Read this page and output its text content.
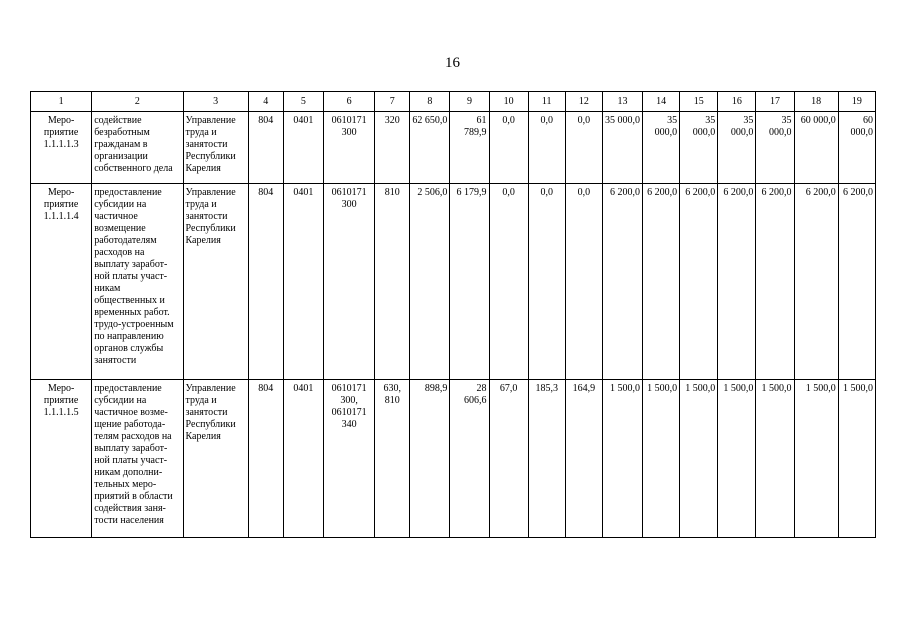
16
1	2	3	4	5	6	7	8	9	10	11	12	13	14	15	16	17	18	19
Меро-приятие 1.1.1.1.3	содействие безработным гражданам в организации собственного дела	Управление труда и занятости Республики Карелия	804	0401	0610171 300	320	62 650,0	61 789,9	0,0	0,0	0,0	35 000,0	35 000,0	35 000,0	35 000,0	35 000,0	60 000,0	60 000,0
Меро-приятие 1.1.1.1.4	предоставление субсидии на частичное возмещение работодателям расходов на выплату заработ-ной платы участ-никам общественных и временных работ. трудо-устроенным по направлению органов службы занятости	Управление труда и занятости Республики Карелия	804	0401	0610171 300	810	2 506,0	6 179,9	0,0	0,0	0,0	6 200,0	6 200,0	6 200,0	6 200,0	6 200,0	6 200,0	6 200,0
Меро-приятие 1.1.1.1.5	предоставление субсидии на частичное возме-щение работода-телям расходов на выплату заработ-ной платы участ-никам дополни-тельных меро-приятий в области содействия заня-тости населения	Управление труда и занятости Республики Карелия	804	0401	0610171 300, 0610171 340	630, 810	898,9	28 606,6	67,0	185,3	164,9	1 500,0	1 500,0	1 500,0	1 500,0	1 500,0	1 500,0	1 500,0
